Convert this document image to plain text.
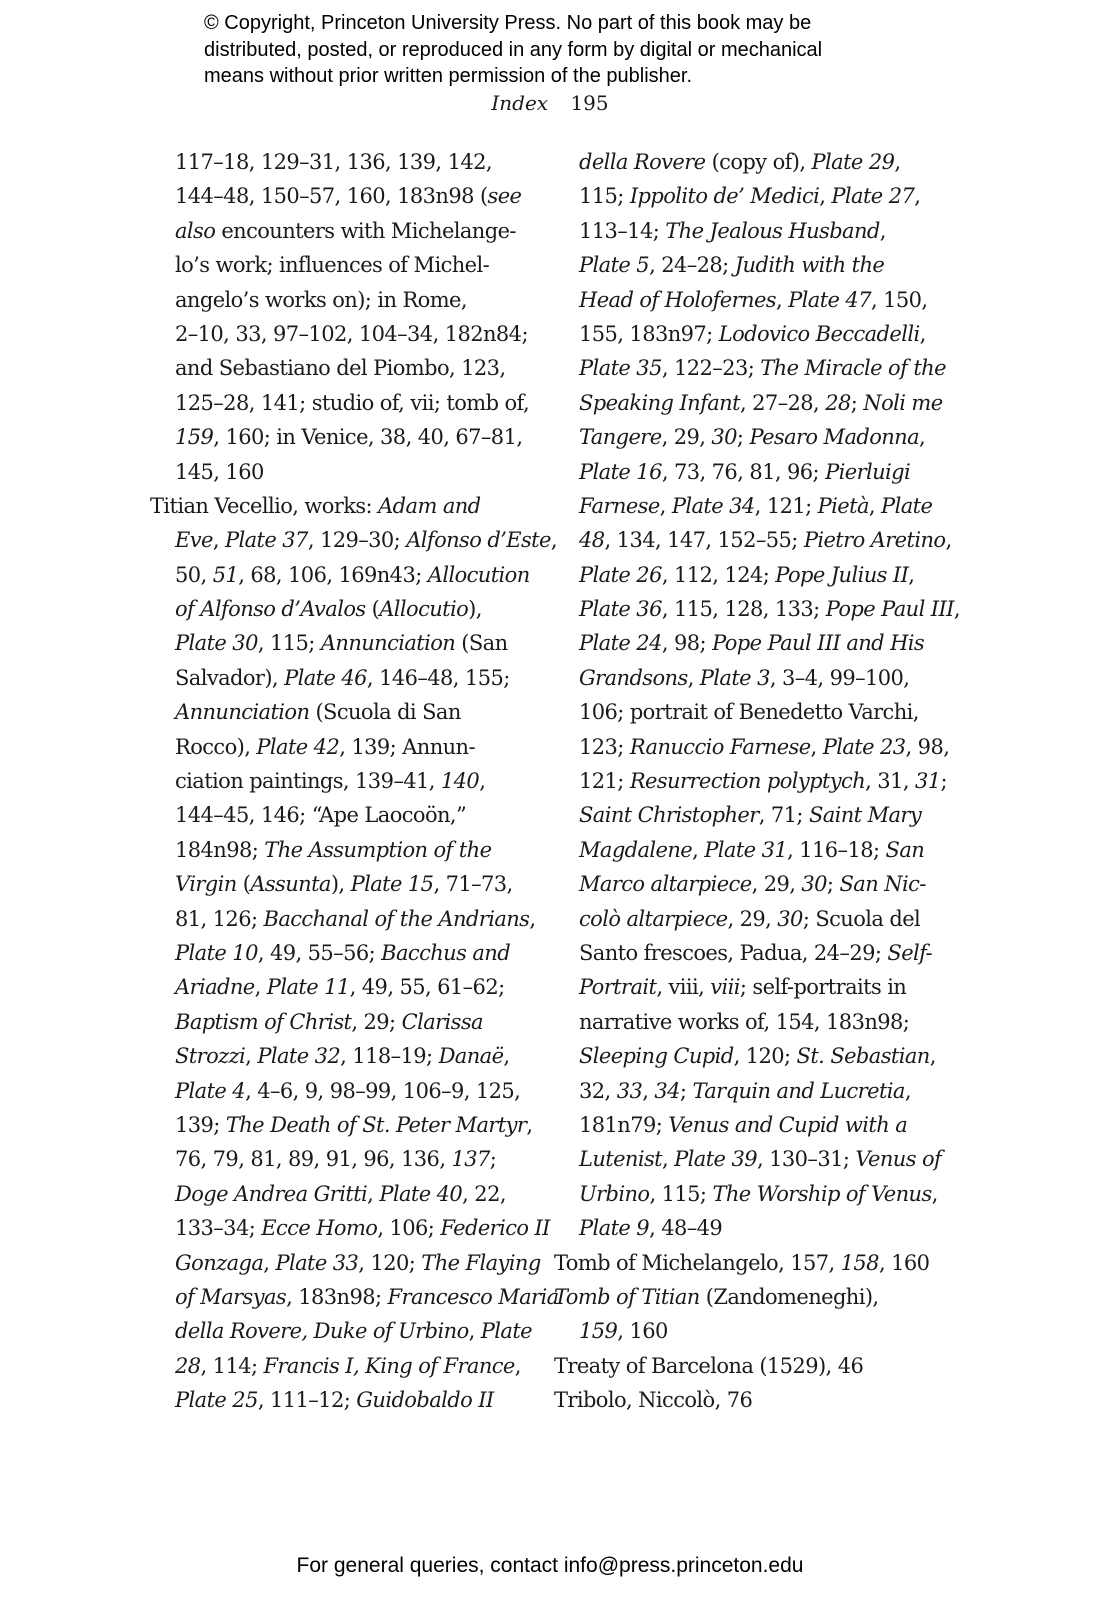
© Copyright, Princeton University Press. No part of this book may be
distributed, posted, or reproduced in any form by digital or mechanical
means without prior written permission of the publisher.
Index 195
117–18, 129–31, 136, 139, 142,
144–48, 150–57, 160, 183n98 (see
also encounters with Michelange-
lo’s work; influences of Michel-
angelo’s works on); in Rome,
2–10, 33, 97–102, 104–34, 182n84;
and Sebastiano del Piombo, 123,
125–28, 141; studio of, vii; tomb of,
159, 160; in Venice, 38, 40, 67–81,
145, 160
Titian Vecellio, works: Adam and
Eve, Plate 37, 129–30; Alfonso d’Este,
50, 51, 68, 106, 169n43; Allocution
of Alfonso d’Avalos (Allocutio),
Plate 30, 115; Annunciation (San
Salvador), Plate 46, 146–48, 155;
Annunciation (Scuola di San
Rocco), Plate 42, 139; Annun-
ciation paintings, 139–41, 140,
144–45, 146; “Ape Laocoön,”
184n98; The Assumption of the
Virgin (Assunta), Plate 15, 71–73,
81, 126; Bacchanal of the Andrians,
Plate 10, 49, 55–56; Bacchus and
Ariadne, Plate 11, 49, 55, 61–62;
Baptism of Christ, 29; Clarissa
Strozzi, Plate 32, 118–19; Danaë,
Plate 4, 4–6, 9, 98–99, 106–9, 125,
139; The Death of St. Peter Martyr,
76, 79, 81, 89, 91, 96, 136, 137;
Doge Andrea Gritti, Plate 40, 22,
133–34; Ecce Homo, 106; Federico II
Gonzaga, Plate 33, 120; The Flaying
of Marsyas, 183n98; Francesco Maria
della Rovere, Duke of Urbino, Plate
28, 114; Francis I, King of France,
Plate 25, 111–12; Guidobaldo II
della Rovere (copy of), Plate 29,
115; Ippolito de’ Medici, Plate 27,
113–14; The Jealous Husband,
Plate 5, 24–28; Judith with the
Head of Holofernes, Plate 47, 150,
155, 183n97; Lodovico Beccadelli,
Plate 35, 122–23; The Miracle of the
Speaking Infant, 27–28, 28; Noli me
Tangere, 29, 30; Pesaro Madonna,
Plate 16, 73, 76, 81, 96; Pierluigi
Farnese, Plate 34, 121; Pietà, Plate
48, 134, 147, 152–55; Pietro Aretino,
Plate 26, 112, 124; Pope Julius II,
Plate 36, 115, 128, 133; Pope Paul III,
Plate 24, 98; Pope Paul III and His
Grandsons, Plate 3, 3–4, 99–100,
106; portrait of Benedetto Varchi,
123; Ranuccio Farnese, Plate 23, 98,
121; Resurrection polyptych, 31, 31;
Saint Christopher, 71; Saint Mary
Magdalene, Plate 31, 116–18; San
Marco altarpiece, 29, 30; San Nic-
colò altarpiece, 29, 30; Scuola del
Santo frescoes, Padua, 24–29; Self-
Portrait, viii, viii; self-portraits in
narrative works of, 154, 183n98;
Sleeping Cupid, 120; St. Sebastian,
32, 33, 34; Tarquin and Lucretia,
181n79; Venus and Cupid with a
Lutenist, Plate 39, 130–31; Venus of
Urbino, 115; The Worship of Venus,
Plate 9, 48–49
Tomb of Michelangelo, 157, 158, 160
Tomb of Titian (Zandomeneghi),
159, 160
Treaty of Barcelona (1529), 46
Tribolo, Niccolò, 76
For general queries, contact info@press.princeton.edu
